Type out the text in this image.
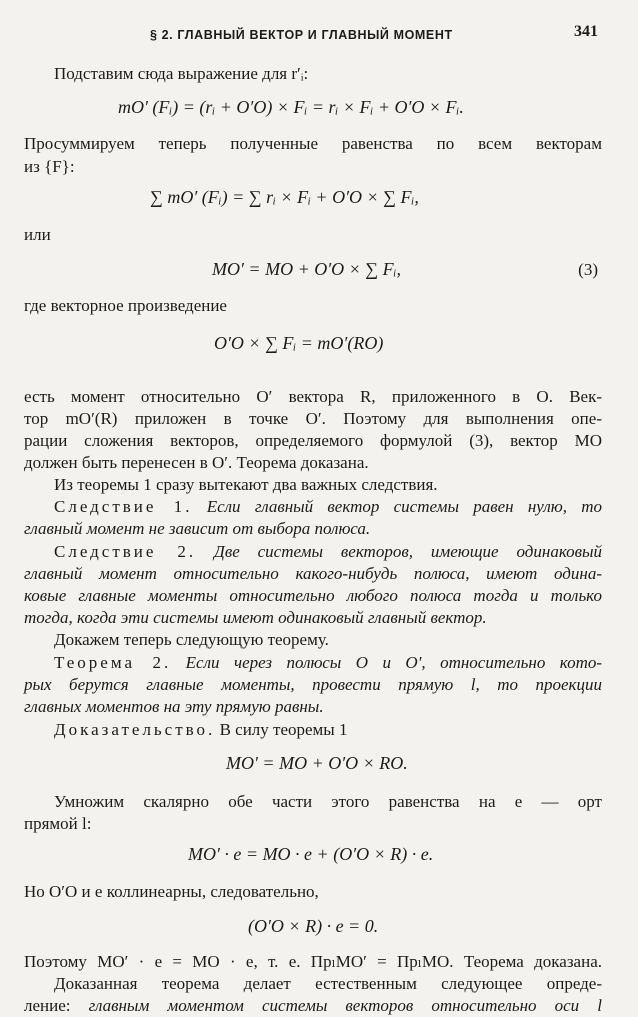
§ 2. ГЛАВНЫЙ ВЕКТОР И ГЛАВНЫЙ МОМЕНТ	341
Подставим сюда выражение для r′ᵢ:
mO′ (Fᵢ) = (rᵢ + O′O) × Fᵢ = rᵢ × Fᵢ + O′O × Fᵢ.
Просуммируем теперь полученные равенства по всем векторам
из {F}:
∑ mO′ (Fᵢ) = ∑ rᵢ × Fᵢ + O′O × ∑ Fᵢ,
или
MO′ = MO + O′O × ∑ Fᵢ,	(3)
где векторное произведение
O′O × ∑ Fᵢ = mO′(RO)
есть момент относительно O′ вектора R, приложенного в O. Век-
тор mO′(R) приложен в точке O′. Поэтому для выполнения опе-
рации сложения векторов, определяемого формулой (3), вектор MO
должен быть перенесен в O′. Теорема доказана.
Из теоремы 1 сразу вытекают два важных следствия.
Следствие 1. Если главный вектор системы равен нулю, то
главный момент не зависит от выбора полюса.
Следствие 2. Две системы векторов, имеющие одинаковый
главный момент относительно какого-нибудь полюса, имеют одина-
ковые главные моменты относительно любого полюса тогда и только
тогда, когда эти системы имеют одинаковый главный вектор.
Докажем теперь следующую теорему.
Теорема 2. Если через полюсы O и O′, относительно кото-
рых берутся главные моменты, провести прямую l, то проекции
главных моментов на эту прямую равны.
Доказательство. В силу теоремы 1
MO′ = MO + O′O × RO.
Умножим скалярно обе части этого равенства на e — орт
прямой l:
MO′ · e = MO · e + (O′O × R) · e.
Но O′O и e коллинеарны, следовательно,
(O′O × R) · e = 0.
Поэтому MO′ · e = MO · e, т. е. ПрₗMO′ = ПрₗMO. Теорема доказана.
Доказанная теорема делает естественным следующее опреде-
ление: главным моментом системы векторов относительно оси l
